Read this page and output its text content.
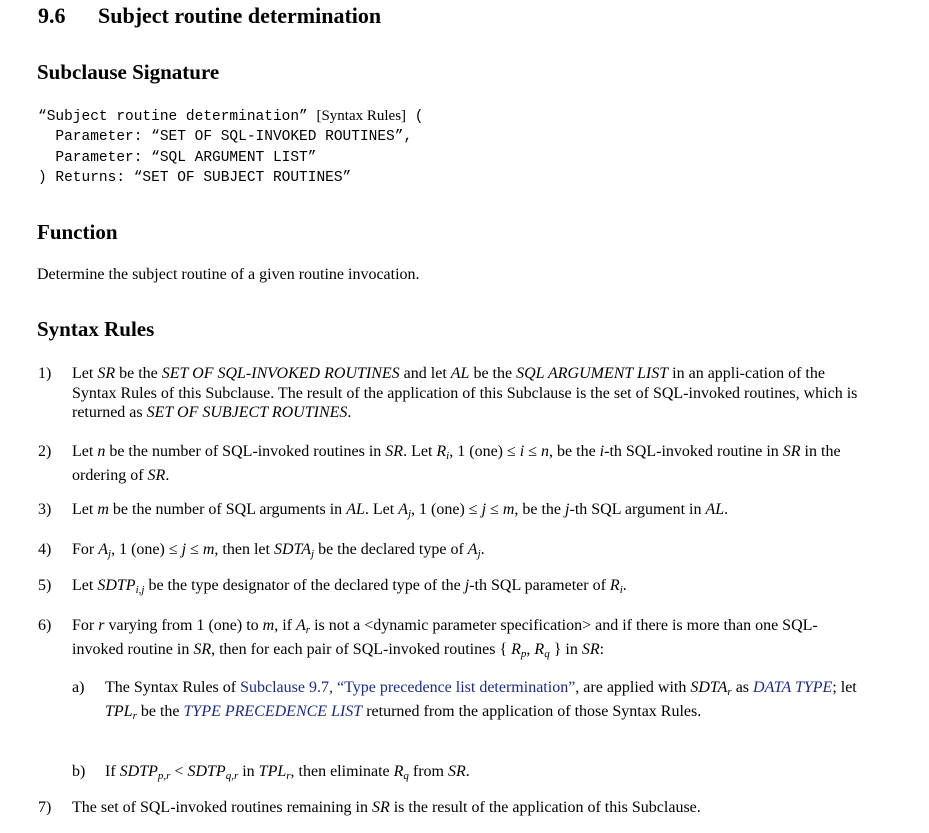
9.6 Subject routine determination
Subclause Signature
“Subject routine determination” [Syntax Rules] (
Parameter: “SET OF SQL-INVOKED ROUTINES”,
Parameter: “SQL ARGUMENT LIST”
) Returns: “SET OF SUBJECT ROUTINES”
Function
Determine the subject routine of a given routine invocation.
Syntax Rules
1) Let SR be the SET OF SQL-INVOKED ROUTINES and let AL be the SQL ARGUMENT LIST in an appli-cation of the Syntax Rules of this Subclause. The result of the application of this Subclause is the set of SQL-invoked routines, which is returned as SET OF SUBJECT ROUTINES.
2) Let n be the number of SQL-invoked routines in SR. Let $R_i$, 1 (one) ≤ i ≤ n, be the i-th SQL-invoked routine in SR in the ordering of SR.
3) Let m be the number of SQL arguments in AL. Let $A_j$, 1 (one) ≤ j ≤ m, be the j-th SQL argument in AL.
4) For $A_j$, 1 (one) ≤ j ≤ m, then let $SDTA_j$ be the declared type of $A_j$.
5) Let $SDTP_{i,j}$ be the type designator of the declared type of the j-th SQL parameter of $R_i$.
6) For r varying from 1 (one) to m, if $A_r$ is not a <dynamic parameter specification> and if there is more than one SQL-invoked routine in SR, then for each pair of SQL-invoked routines { $R_p$, $R_q$ } in SR:
a) The Syntax Rules of Subclause 9.7, “Type precedence list determination”, are applied with $SDTA_r$ as DATA TYPE; let $TPL_r$ be the TYPE PRECEDENCE LIST returned from the application of those Syntax Rules.
b) If $SDTP_{p,r}$ < $SDTP_{q,r}$ in $TPL_r$, then eliminate $R_q$ from SR.
7) The set of SQL-invoked routines remaining in SR is the result of the application of this Subclause.
